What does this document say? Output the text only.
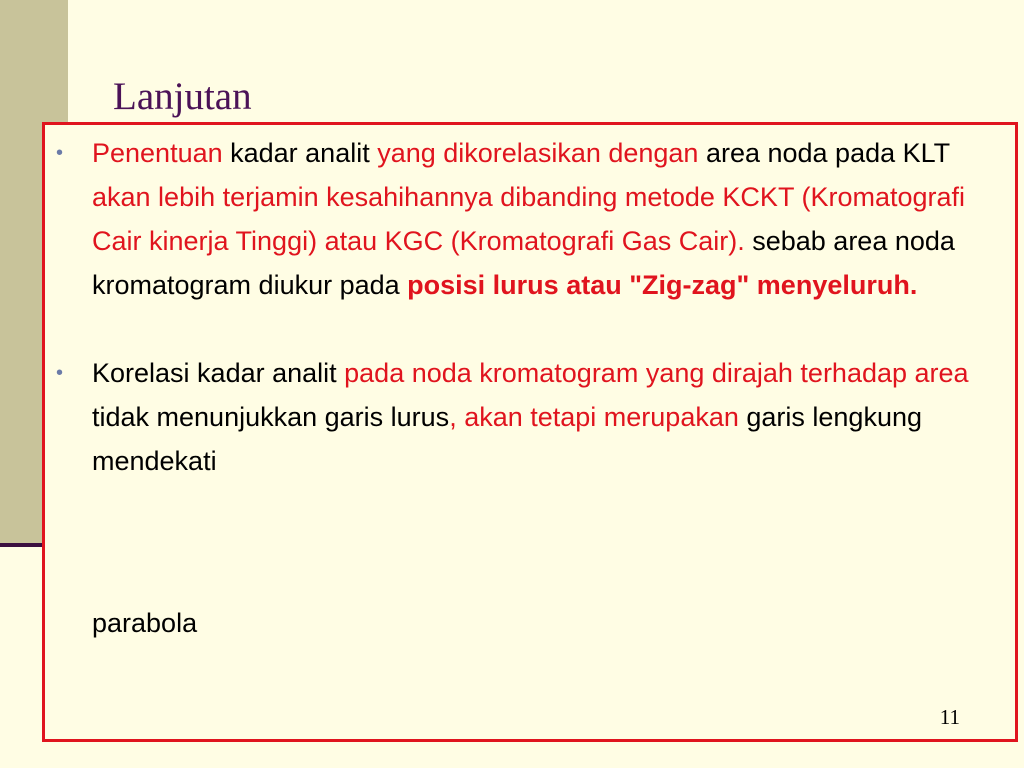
Lanjutan
• Penentuan kadar analit yang dikorelasikan dengan area noda pada KLT akan lebih terjamin kesahihannya dibanding metode KCKT (Kromatografi Cair kinerja Tinggi) atau KGC (Kromatografi Gas Cair). sebab area noda kromatogram diukur pada posisi lurus atau "Zig-zag" menyeluruh.
• Korelasi kadar analit pada noda kromatogram yang dirajah terhadap area tidak menunjukkan garis lurus, akan tetapi merupakan garis lengkung mendekati
parabola
11
